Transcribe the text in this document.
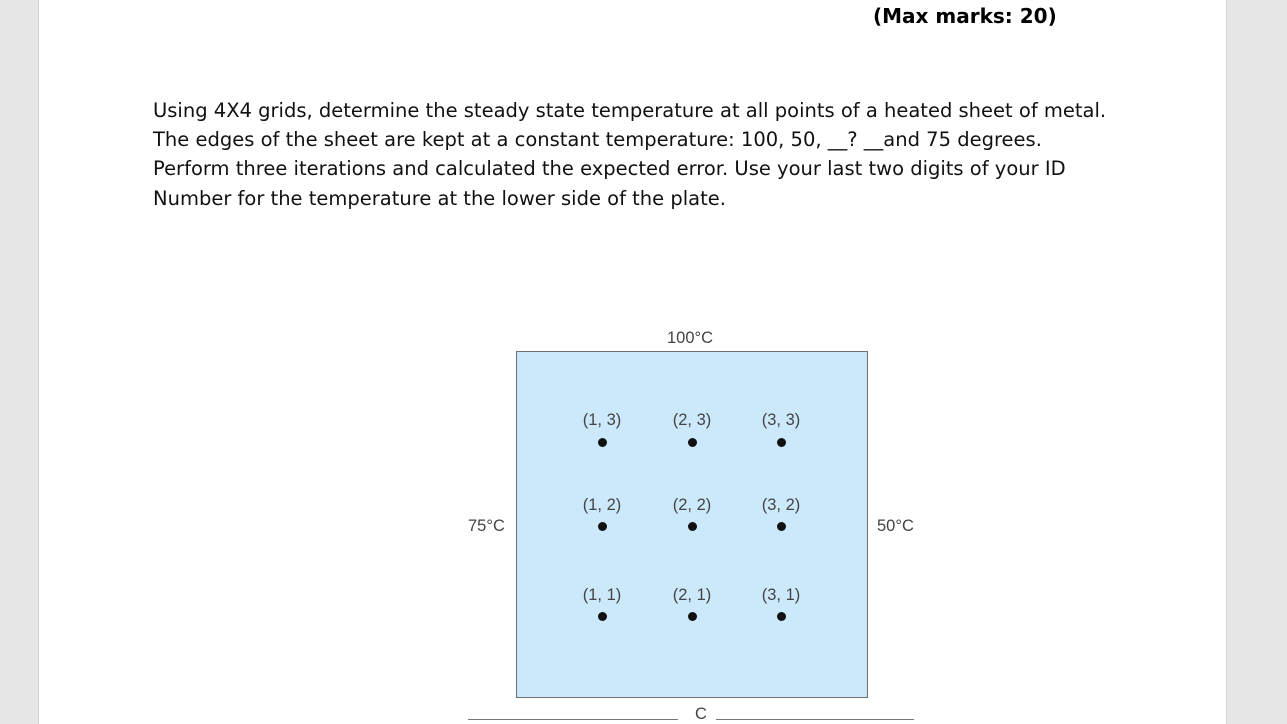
(Max marks: 20)

Using 4X4 grids, determine the steady state temperature at all points of a heated sheet of metal.
The edges of the sheet are kept at a constant temperature: 100, 50, __? __and 75 degrees.
Perform three iterations and calculated the expected error. Use your last two digits of your ID
Number for the temperature at the lower side of the plate.

100°C
75°C	50°C
(1, 3)	(2, 3)	(3, 3)
(1, 2)	(2, 2)	(3, 2)
(1, 1)	(2, 1)	(3, 1)
C
